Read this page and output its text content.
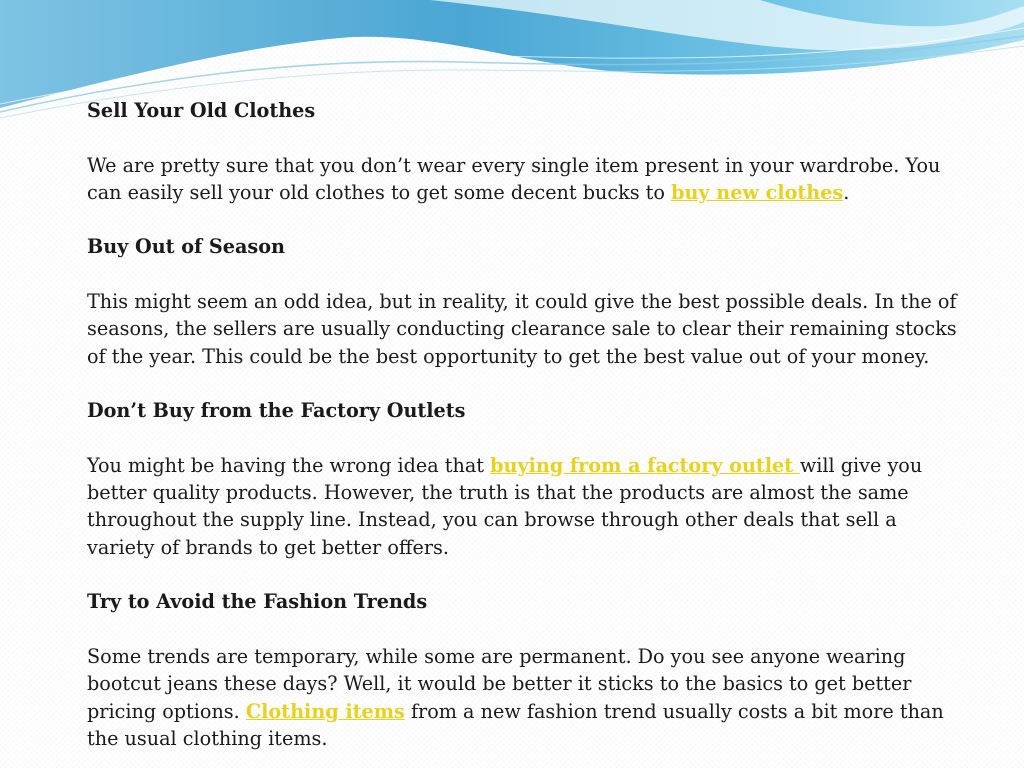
Sell Your Old Clothes
We are pretty sure that you don’t wear every single item present in your wardrobe. You can easily sell your old clothes to get some decent bucks to buy new clothes.
Buy Out of Season
This might seem an odd idea, but in reality, it could give the best possible deals. In the of seasons, the sellers are usually conducting clearance sale to clear their remaining stocks of the year. This could be the best opportunity to get the best value out of your money.
Don’t Buy from the Factory Outlets
You might be having the wrong idea that buying from a factory outlet will give you better quality products. However, the truth is that the products are almost the same throughout the supply line. Instead, you can browse through other deals that sell a variety of brands to get better offers.
Try to Avoid the Fashion Trends
Some trends are temporary, while some are permanent. Do you see anyone wearing bootcut jeans these days? Well, it would be better it sticks to the basics to get better pricing options. Clothing items from a new fashion trend usually costs a bit more than the usual clothing items.
